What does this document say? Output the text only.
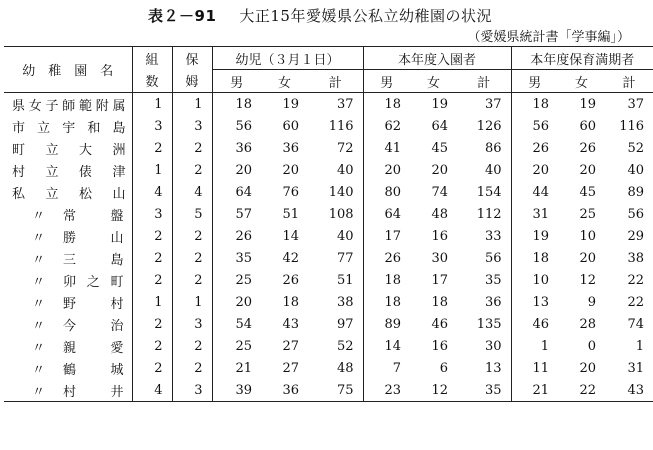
表２－91 大正15年愛媛県公私立幼稚園の状況
（愛媛県統計書「学事編」）
幼　稚　園　名	組	保	幼児（３月１日）			本年度入園者			本年度保育満期者		
	数	姆	男	女	計	男	女	計	男	女	計
県女子師範附属	1	1	18	19	37	18	19	37	18	19	37
市立宇和島	3	3	56	60	116	62	64	126	56	60	116
町立大洲	2	2	36	36	72	41	45	86	26	26	52
村立俵津	1	2	20	20	40	20	20	40	20	20	40
私立松山	4	4	64	76	140	80	74	154	44	45	89

〃 常 盤	3	5	57	51	108	64	48	112	31	25	56

〃 勝 山	2	2	26	14	40	17	16	33	19	10	29

〃 三 島	2	2	35	42	77	26	30	56	18	20	38

〃 卯 之 町	2	2	25	26	51	18	17	35	10	12	22

〃 野 村	1	1	20	18	38	18	18	36	13	9	22

〃 今 治	2	3	54	43	97	89	46	135	46	28	74

〃 親 愛	2	2	25	27	52	14	16	30	1	0	1

〃 鶴 城	2	2	21	27	48	7	6	13	11	20	31

〃 村 井	4	3	39	36	75	23	12	35	21	22	43
